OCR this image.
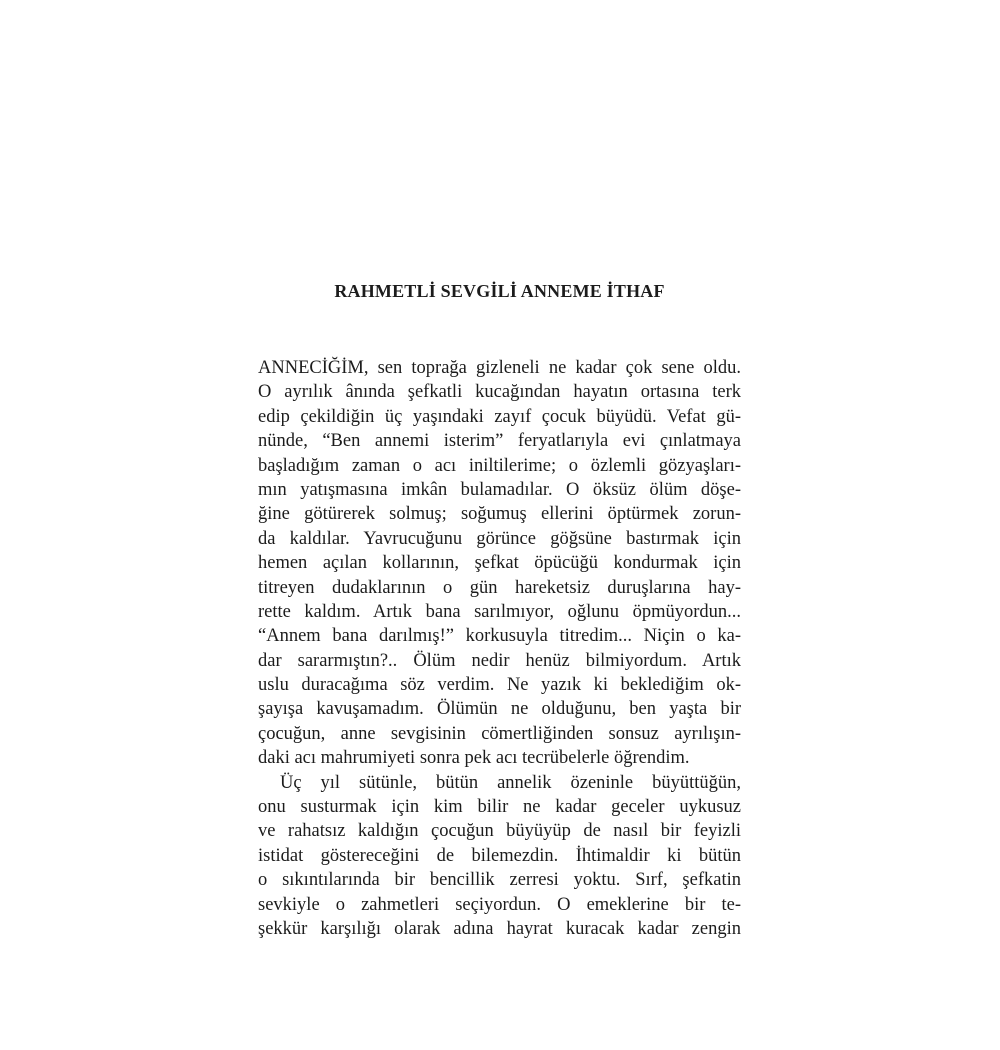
RAHMETLİ SEVGİLİ ANNEME İTHAF
ANNECİĞİM, sen toprağa gizleneli ne kadar çok sene oldu.
O ayrılık ânında şefkatli kucağından hayatın ortasına terk
edip çekildiğin üç yaşındaki zayıf çocuk büyüdü. Vefat gü-
nünde, “Ben annemi isterim” feryatlarıyla evi çınlatmaya
başladığım zaman o acı iniltilerime; o özlemli gözyaşları-
mın yatışmasına imkân bulamadılar. O öksüz ölüm döşe-
ğine götürerek solmuş; soğumuş ellerini öptürmek zorun-
da kaldılar. Yavrucuğunu görünce göğsüne bastırmak için
hemen açılan kollarının, şefkat öpücüğü kondurmak için
titreyen dudaklarının o gün hareketsiz duruşlarına hay-
rette kaldım. Artık bana sarılmıyor, oğlunu öpmüyordun...
“Annem bana darılmış!” korkusuyla titredim... Niçin o ka-
dar sararmıştın?.. Ölüm nedir henüz bilmiyordum. Artık
uslu duracağıma söz verdim. Ne yazık ki beklediğim ok-
şayışa kavuşamadım. Ölümün ne olduğunu, ben yaşta bir
çocuğun, anne sevgisinin cömertliğinden sonsuz ayrılışın-
daki acı mahrumiyeti sonra pek acı tecrübelerle öğrendim.
Üç yıl sütünle, bütün annelik özeninle büyüttüğün,
onu susturmak için kim bilir ne kadar geceler uykusuz
ve rahatsız kaldığın çocuğun büyüyüp de nasıl bir feyizli
istidat göstereceğini de bilemezdin. İhtimaldir ki bütün
o sıkıntılarında bir bencillik zerresi yoktu. Sırf, şefkatin
sevkiyle o zahmetleri seçiyordun. O emeklerine bir te-
şekkür karşılığı olarak adına hayrat kuracak kadar zengin
